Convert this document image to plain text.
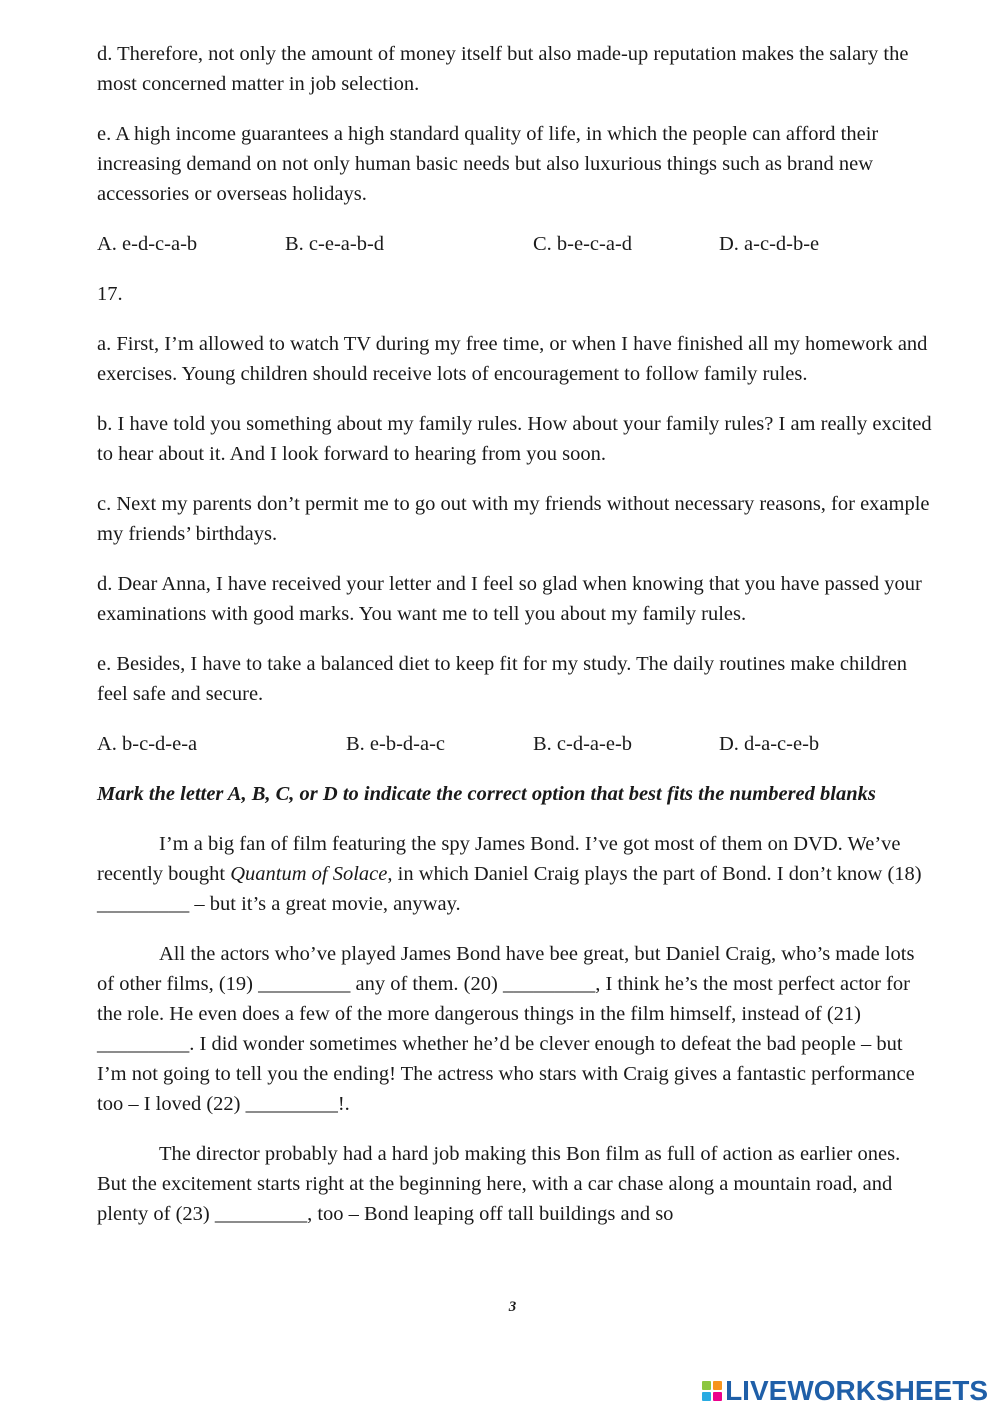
d. Therefore, not only the amount of money itself but also made-up reputation makes the salary the most concerned matter in job selection.

e. A high income guarantees a high standard quality of life, in which the people can afford their increasing demand on not only human basic needs but also luxurious things such as brand new accessories or overseas holidays.

A. e-d-c-a-b	B. c-e-a-b-d	C. b-e-c-a-d	D. a-c-d-b-e

17.

a. First, I’m allowed to watch TV during my free time, or when I have finished all my homework and exercises. Young children should receive lots of encouragement to follow family rules.

b. I have told you something about my family rules. How about your family rules? I am really excited to hear about it. And I look forward to hearing from you soon.

c. Next my parents don’t permit me to go out with my friends without necessary reasons, for example my friends’ birthdays.

d. Dear Anna, I have received your letter and I feel so glad when knowing that you have passed your examinations with good marks. You want me to tell you about my family rules.

e. Besides, I have to take a balanced diet to keep fit for my study. The daily routines make children feel safe and secure.

A. b-c-d-e-a	B. e-b-d-a-c	B. c-d-a-e-b	D. d-a-c-e-b

Mark the letter A, B, C, or D to indicate the correct option that best fits the numbered blanks

I’m a big fan of film featuring the spy James Bond. I’ve got most of them on DVD. We’ve recently bought Quantum of Solace, in which Daniel Craig plays the part of Bond. I don’t know (18) _________ – but it’s a great movie, anyway.

All the actors who’ve played James Bond have bee great, but Daniel Craig, who’s made lots of other films, (19) _________ any of them. (20) _________, I think he’s the most perfect actor for the role. He even does a few of the more dangerous things in the film himself, instead of (21) _________. I did wonder sometimes whether he’d be clever enough to defeat the bad people – but I’m not going to tell you the ending! The actress who stars with Craig gives a fantastic performance too – I loved (22) _________!.

The director probably had a hard job making this Bon film as full of action as earlier ones. But the excitement starts right at the beginning here, with a car chase along a mountain road, and plenty of (23) _________, too – Bond leaping off tall buildings and so

3
LIVEWORKSHEETS
